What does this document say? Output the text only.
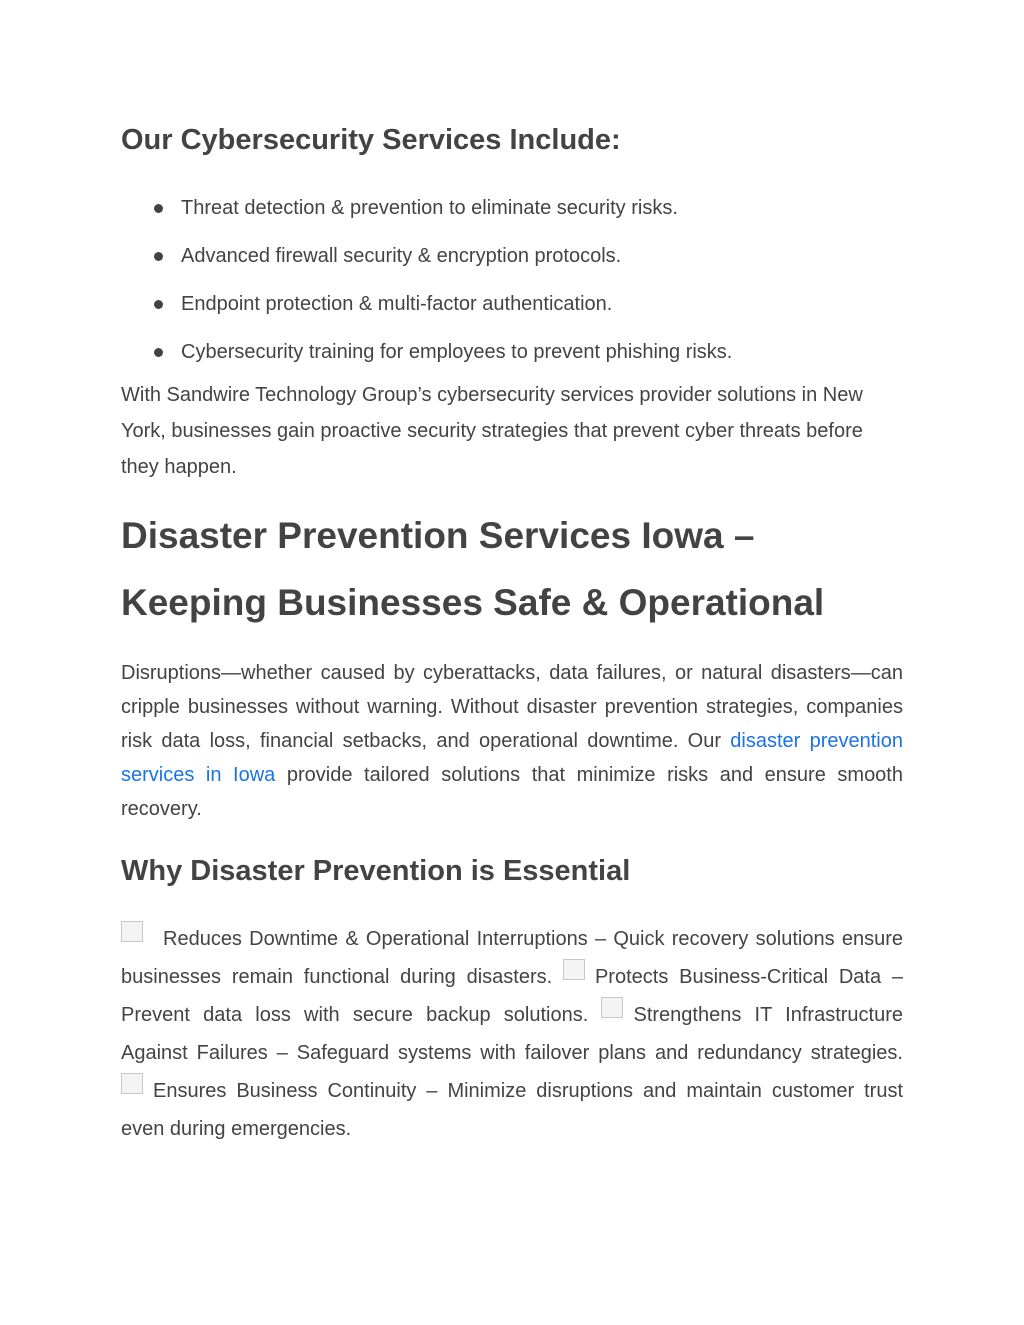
Our Cybersecurity Services Include:
Threat detection & prevention to eliminate security risks.
Advanced firewall security & encryption protocols.
Endpoint protection & multi-factor authentication.
Cybersecurity training for employees to prevent phishing risks.

With Sandwire Technology Group’s cybersecurity services provider solutions in New York, businesses gain proactive security strategies that prevent cyber threats before they happen.

Disaster Prevention Services Iowa – Keeping Businesses Safe & Operational

Disruptions—whether caused by cyberattacks, data failures, or natural disasters—can cripple businesses without warning. Without disaster prevention strategies, companies risk data loss, financial setbacks, and operational downtime. Our disaster prevention services in Iowa provide tailored solutions that minimize risks and ensure smooth recovery.

Why Disaster Prevention is Essential

Reduces Downtime & Operational Interruptions – Quick recovery solutions ensure businesses remain functional during disasters. Protects Business-Critical Data – Prevent data loss with secure backup solutions. Strengthens IT Infrastructure Against Failures – Safeguard systems with failover plans and redundancy strategies. Ensures Business Continuity – Minimize disruptions and maintain customer trust even during emergencies.
